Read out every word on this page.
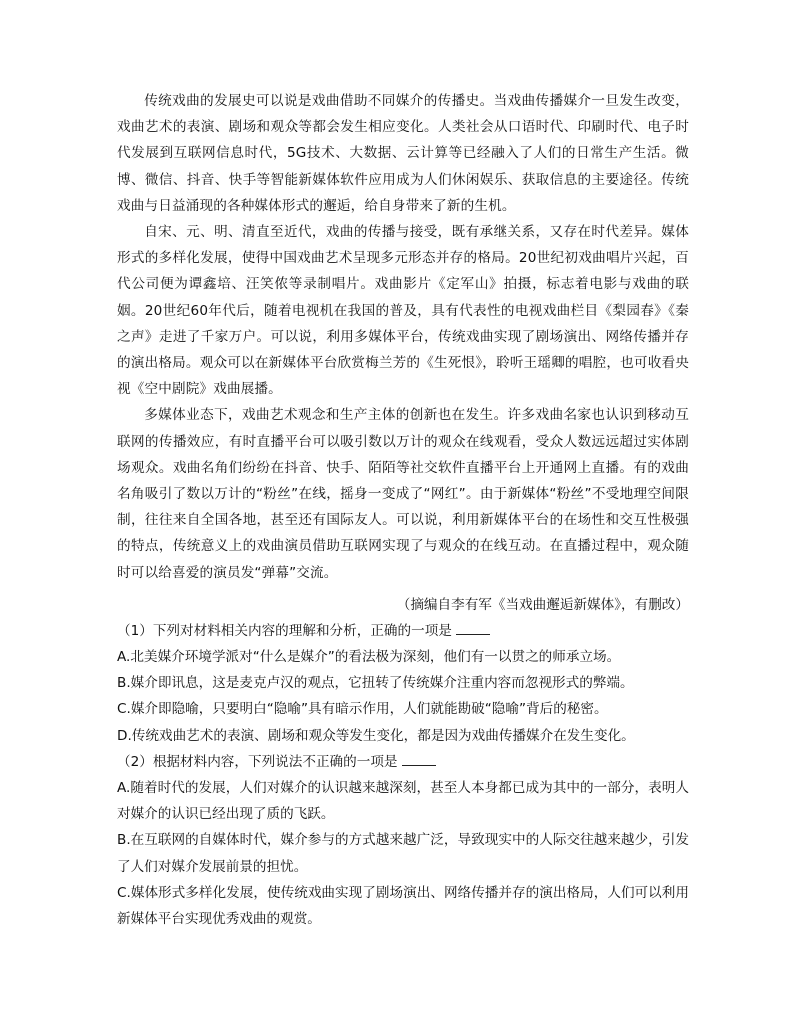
传统戏曲的发展史可以说是戏曲借助不同媒介的传播史。当戏曲传播媒介一旦发生改变，戏曲艺术的表演、剧场和观众等都会发生相应变化。人类社会从口语时代、印刷时代、电子时代发展到互联网信息时代，5G技术、大数据、云计算等已经融入了人们的日常生产生活。微博、微信、抖音、快手等智能新媒体软件应用成为人们休闲娱乐、获取信息的主要途径。传统戏曲与日益涌现的各种媒体形式的邂逅，给自身带来了新的生机。

自宋、元、明、清直至近代，戏曲的传播与接受，既有承继关系，又存在时代差异。媒体形式的多样化发展，使得中国戏曲艺术呈现多元形态并存的格局。20世纪初戏曲唱片兴起，百代公司便为谭鑫培、汪笑侬等录制唱片。戏曲影片《定军山》拍摄，标志着电影与戏曲的联姻。20世纪60年代后，随着电视机在我国的普及，具有代表性的电视戏曲栏目《梨园春》《秦之声》走进了千家万户。可以说，利用多媒体平台，传统戏曲实现了剧场演出、网络传播并存的演出格局。观众可以在新媒体平台欣赏梅兰芳的《生死恨》，聆听王瑶卿的唱腔，也可收看央视《空中剧院》戏曲展播。

多媒体业态下，戏曲艺术观念和生产主体的创新也在发生。许多戏曲名家也认识到移动互联网的传播效应，有时直播平台可以吸引数以万计的观众在线观看，受众人数远远超过实体剧场观众。戏曲名角们纷纷在抖音、快手、陌陌等社交软件直播平台上开通网上直播。有的戏曲名角吸引了数以万计的“粉丝”在线，摇身一变成了“网红”。由于新媒体“粉丝”不受地理空间限制，往往来自全国各地，甚至还有国际友人。可以说，利用新媒体平台的在场性和交互性极强的特点，传统意义上的戏曲演员借助互联网实现了与观众的在线互动。在直播过程中，观众随时可以给喜爱的演员发“弹幕”交流。

（摘编自李有军《当戏曲邂逅新媒体》，有删改）

（1）下列对材料相关内容的理解和分析，正确的一项是

A.北美媒介环境学派对“什么是媒介”的看法极为深刻，他们有一以贯之的师承立场。

B.媒介即讯息，这是麦克卢汉的观点，它扭转了传统媒介注重内容而忽视形式的弊端。

C.媒介即隐喻，只要明白“隐喻”具有暗示作用，人们就能勘破“隐喻”背后的秘密。

D.传统戏曲艺术的表演、剧场和观众等发生变化，都是因为戏曲传播媒介在发生变化。

（2）根据材料内容，下列说法不正确的一项是

A.随着时代的发展，人们对媒介的认识越来越深刻，甚至人本身都已成为其中的一部分，表明人对媒介的认识已经出现了质的飞跃。

B.在互联网的自媒体时代，媒介参与的方式越来越广泛，导致现实中的人际交往越来越少，引发了人们对媒介发展前景的担忧。

C.媒体形式多样化发展，使传统戏曲实现了剧场演出、网络传播并存的演出格局，人们可以利用新媒体平台实现优秀戏曲的观赏。
